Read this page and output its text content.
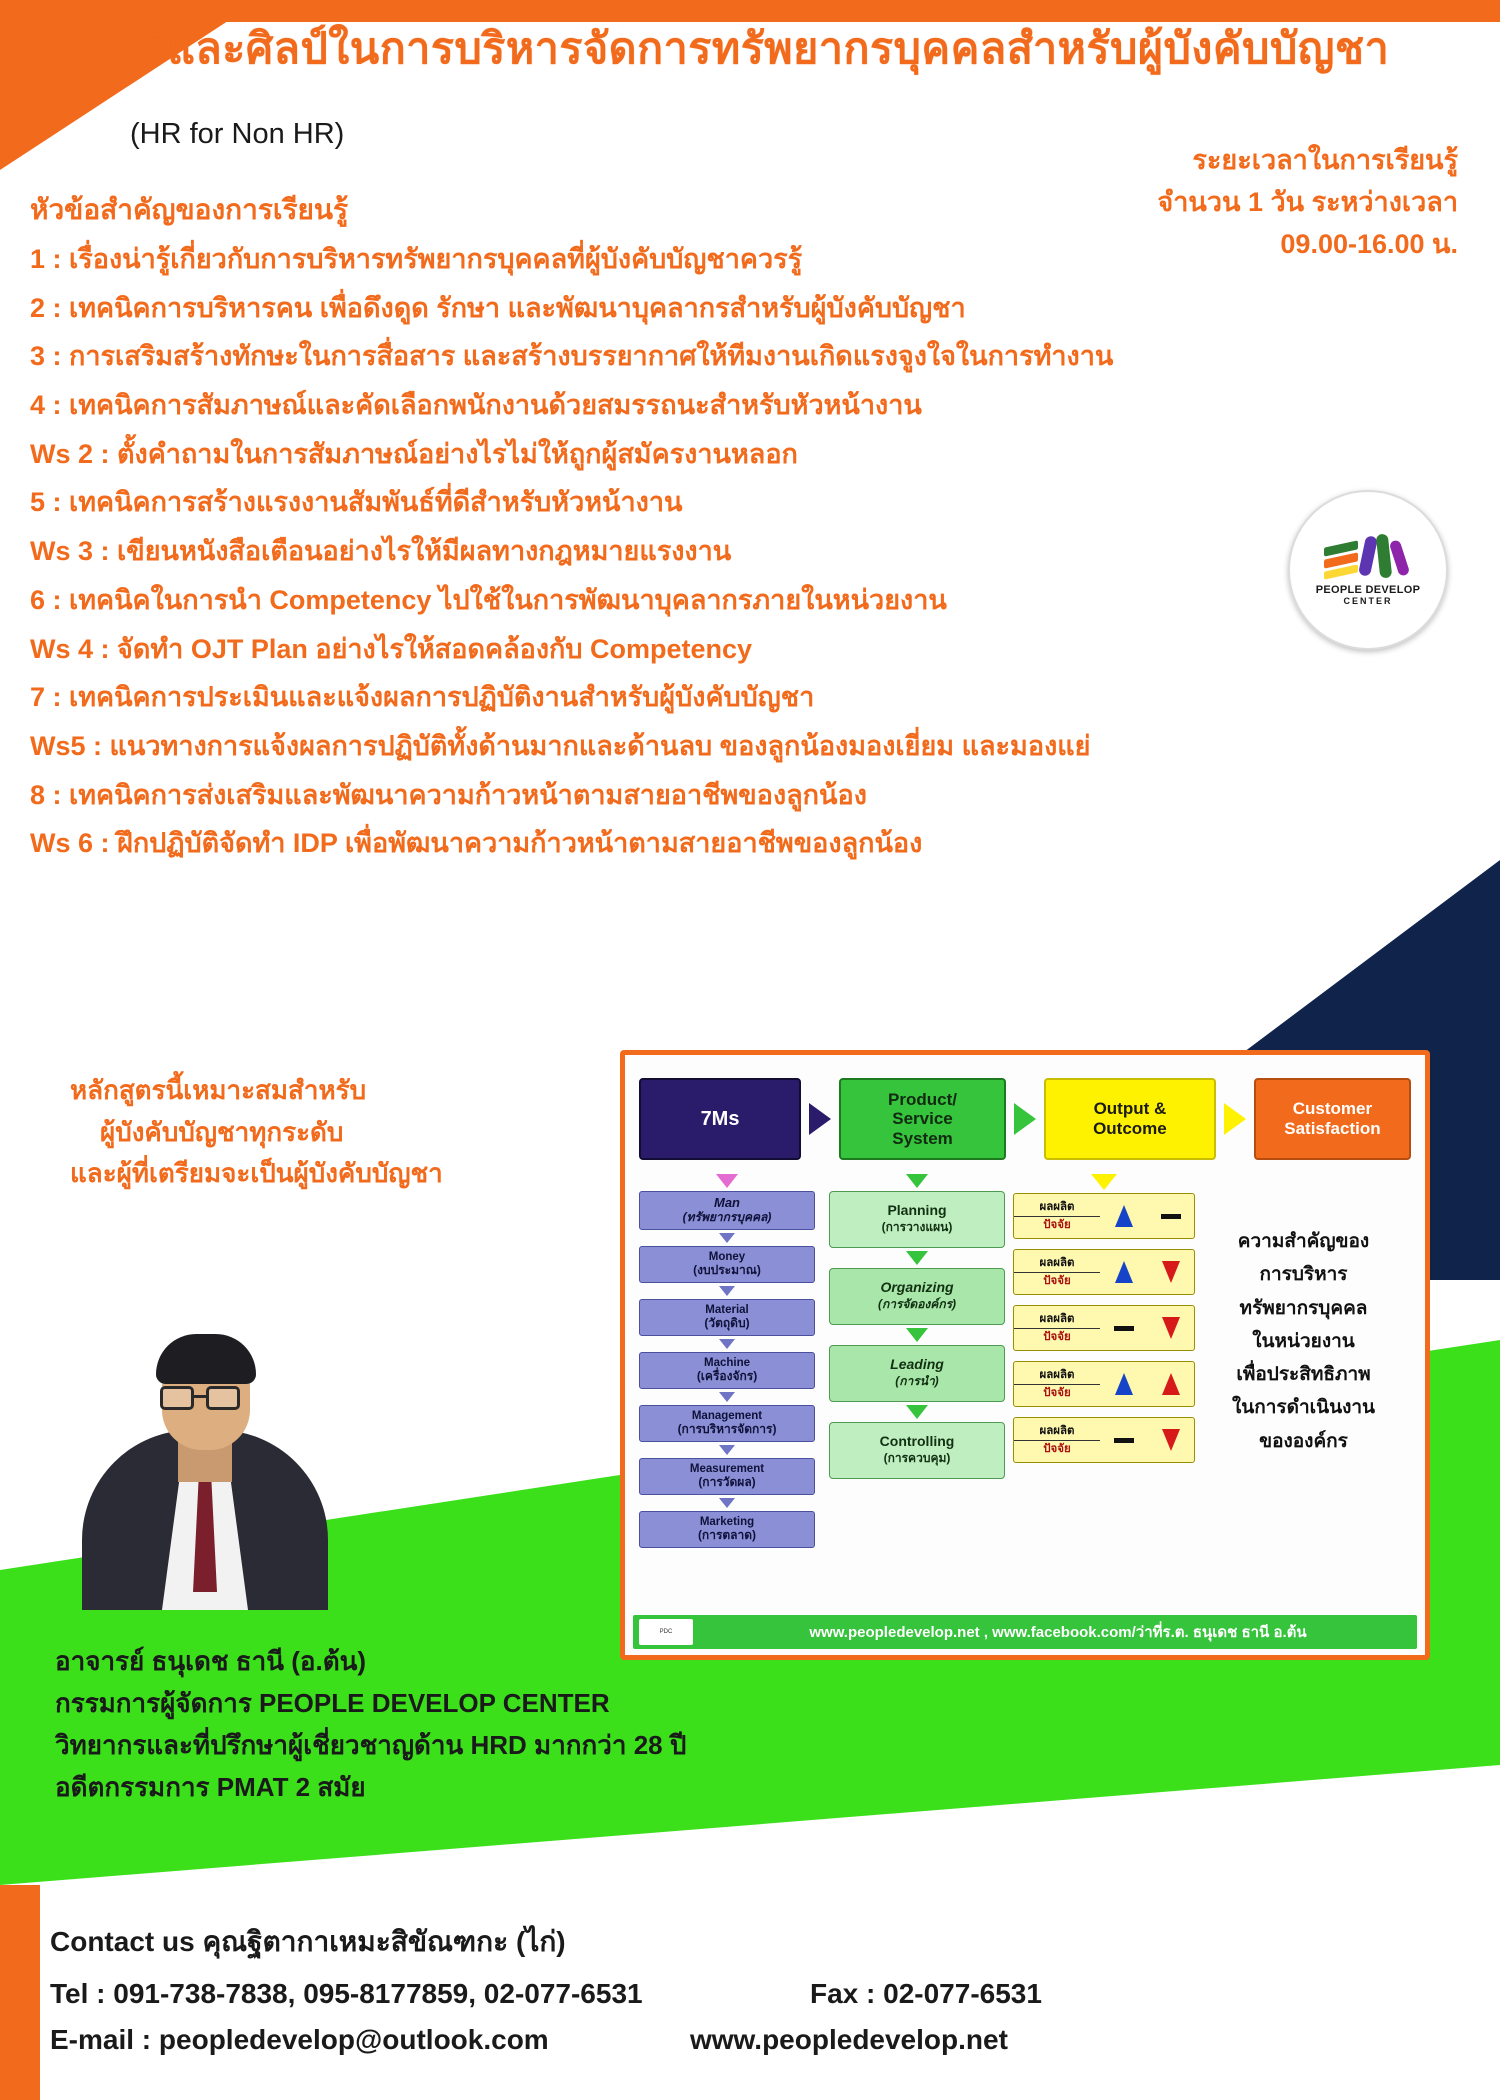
ศาสตร์และศิลป์ในการบริหารจัดการทรัพยากรบุคคลสำหรับผู้บังคับบัญชา
(HR for Non HR)
ระยะเวลาในการเรียนรู้
จำนวน 1 วัน ระหว่างเวลา
09.00-16.00 น.
หัวข้อสำคัญของการเรียนรู้
1 : เรื่องน่ารู้เกี่ยวกับการบริหารทรัพยากรบุคคลที่ผู้บังคับบัญชาควรรู้
2 : เทคนิคการบริหารคน เพื่อดึงดูด รักษา และพัฒนาบุคลากรสำหรับผู้บังคับบัญชา
3 : การเสริมสร้างทักษะในการสื่อสาร และสร้างบรรยากาศให้ทีมงานเกิดแรงจูงใจในการทำงาน
4 : เทคนิคการสัมภาษณ์และคัดเลือกพนักงานด้วยสมรรถนะสำหรับหัวหน้างาน
Ws 2 : ตั้งคำถามในการสัมภาษณ์อย่างไรไม่ให้ถูกผู้สมัครงานหลอก
5 : เทคนิคการสร้างแรงงานสัมพันธ์ที่ดีสำหรับหัวหน้างาน
Ws 3 : เขียนหนังสือเตือนอย่างไรให้มีผลทางกฎหมายแรงงาน
6 : เทคนิคในการนำ Competency ไปใช้ในการพัฒนาบุคลากรภายในหน่วยงาน
Ws 4 : จัดทำ OJT Plan อย่างไรให้สอดคล้องกับ Competency
7 : เทคนิคการประเมินและแจ้งผลการปฏิบัติงานสำหรับผู้บังคับบัญชา
Ws5 : แนวทางการแจ้งผลการปฏิบัติทั้งด้านมากและด้านลบ ของลูกน้องมองเยี่ยม และมองแย่
8 : เทคนิคการส่งเสริมและพัฒนาความก้าวหน้าตามสายอาชีพของลูกน้อง
Ws 6 : ฝึกปฏิบัติจัดทำ IDP เพื่อพัฒนาความก้าวหน้าตามสายอาชีพของลูกน้อง
PEOPLE DEVELOP
CENTER
หลักสูตรนี้เหมาะสมสำหรับ
ผู้บังคับบัญชาทุกระดับ
และผู้ที่เตรียมจะเป็นผู้บังคับบัญชา
7Ms
Product/
Service
System
Output &
Outcome
Customer
Satisfaction
Man
(ทรัพยากรบุคคล)
Money
(งบประมาณ)
Material
(วัตถุดิบ)
Machine
(เครื่องจักร)
Management
(การบริหารจัดการ)
Measurement
(การวัดผล)
Marketing
(การตลาด)
Planning
(การวางแผน)
Organizing
(การจัดองค์กร)
Leading
(การนำ)
Controlling
(การควบคุม)
ผลผลิต
ปัจจัย
ผลผลิต
ปัจจัย
ผลผลิต
ปัจจัย
ผลผลิต
ปัจจัย
ผลผลิต
ปัจจัย
ความสำคัญของ
การบริหาร
ทรัพยากรบุคคล
ในหน่วยงาน
เพื่อประสิทธิภาพ
ในการดำเนินงาน
ขององค์กร
PDC	www.peopledevelop.net , www.facebook.com/ว่าที่ร.ต. ธนุเดช ธานี อ.ต้น
อาจารย์ ธนุเดช ธานี (อ.ต้น)
กรรมการผู้จัดการ PEOPLE DEVELOP CENTER
วิทยากรและที่ปรึกษาผู้เชี่ยวชาญด้าน HRD มากกว่า 28 ปี
อดีตกรรมการ PMAT 2 สมัย
Contact us คุณฐิตากา เหมะสิขัณฑกะ (ไก่)
Tel : 091-738-7838, 095-8177859, 02-077-6531	Fax : 02-077-6531
E-mail : peopledevelop@outlook.com	www.peopledevelop.net
